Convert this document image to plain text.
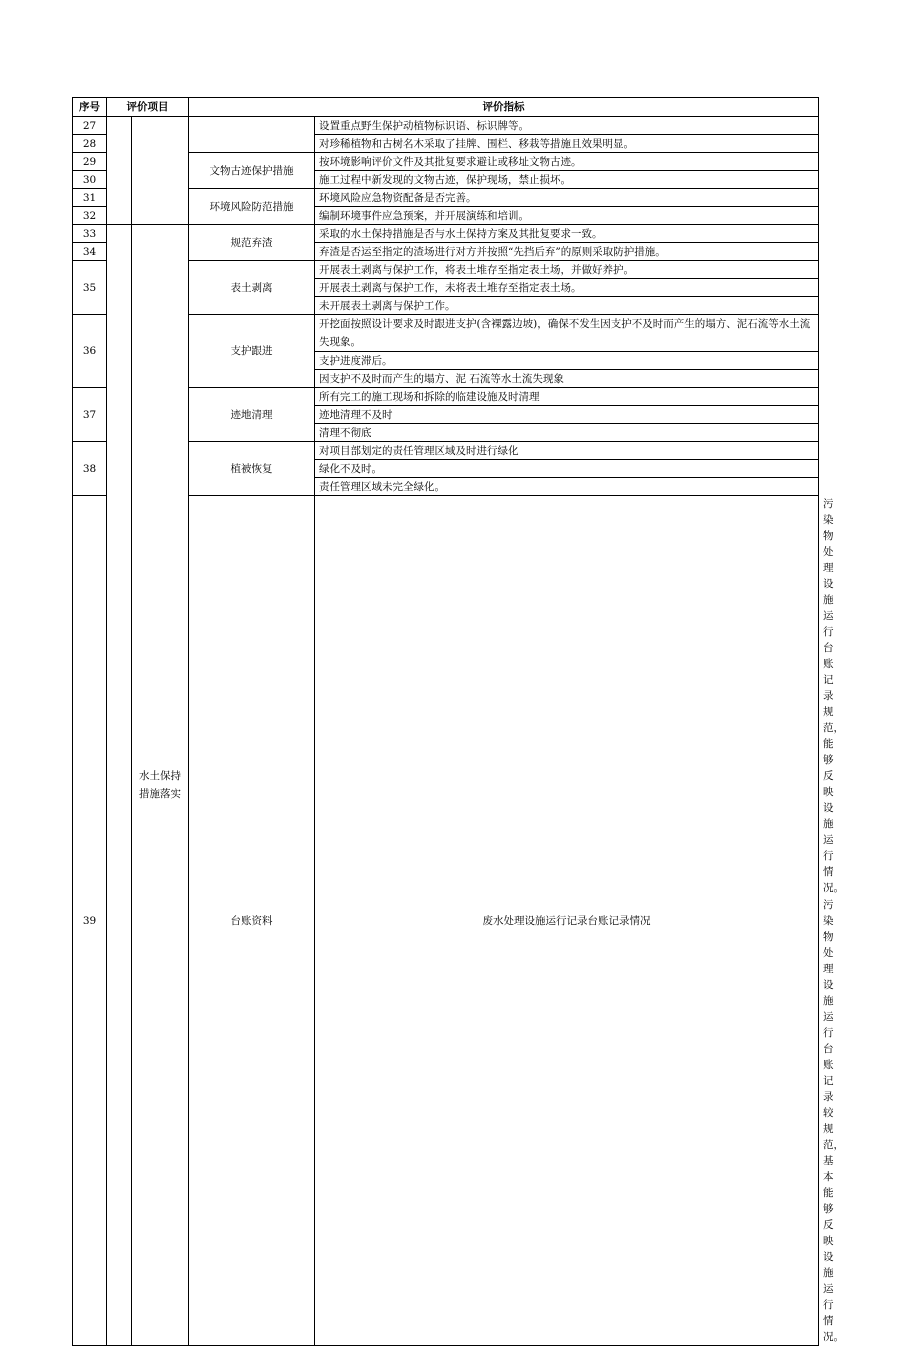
序号	评价项目		评价指标		
27				设置重点野生保护动植物标识语、标识牌等。	
28				对珍稀植物和古树名木采取了挂牌、围栏、移栽等措施且效果明显。	
29			文物古迹保护措施	按环境影响评价文件及其批复要求避让或移址文物古迹。	
30				施工过程中新发现的文物古迹，保护现场，禁止损坏。	
31			环境风险防范措施	环境风险应急物资配备是否完善。	
32				编制环境事件应急预案，并开展演练和培训。	
33		水土保持措施落实	规范弃渣	采取的水土保持措施是否与水土保持方案及其批复要求一致。	
34				弃渣是否运至指定的渣场进行对方并按照“先挡后弃”的原则采取防护措施。	
35			表土剥离	开展表土剥离与保护工作，将表土堆存至指定表土场，并做好养护。	
				开展表土剥离与保护工作，未将表土堆存至指定表土场。	
				未开展表土剥离与保护工作。	
36			支护跟进	开挖面按照设计要求及时跟进支护(含裸露边坡)，确保不发生因支护不及时而产生的塌方、泥石流等水土流失现象。	
				支护进度滞后。	
				因支护不及时而产生的塌方、泥 石流等水土流失现象	
37			迹地清理	所有完工的施工现场和拆除的临建设施及时清理	
				迹地清理不及时	
				清理不彻底	
38			植被恢复	对项目部划定的责任管理区域及时进行绿化	
				绿化不及时。	
				责任管理区域未完全绿化。	
39			台账资料	废水处理设施运行记录台账记录情况	污染物处理设施运行台账记录规范，能够反映设施运行情况。
					污染物处理设施运行台账记录较规范，基本能够反映设施运行情况。
